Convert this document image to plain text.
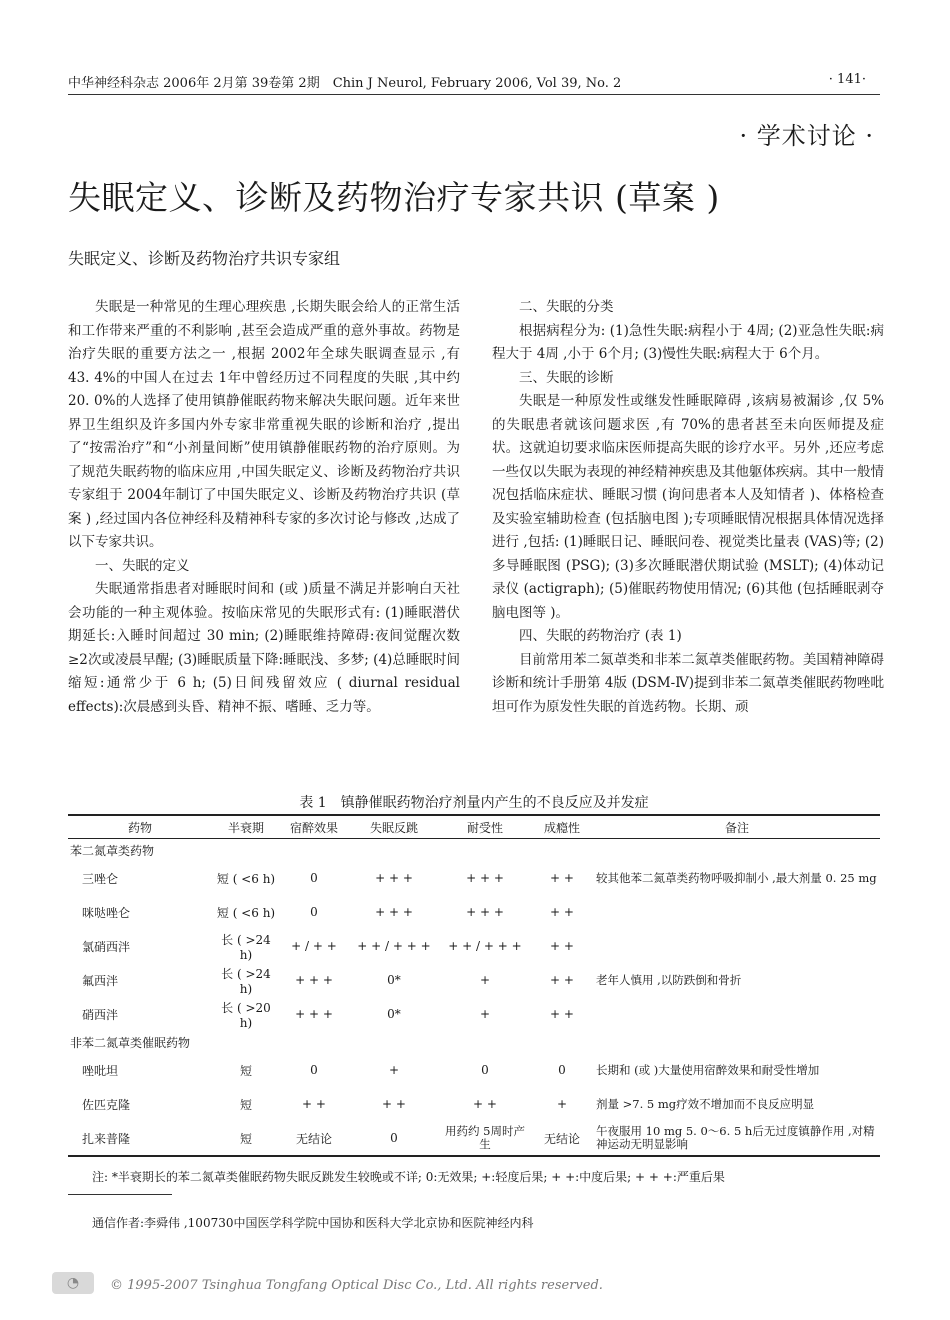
中华神经科杂志 2006年 2月第 39卷第 2期　Chin J Neurol, February 2006, Vol 39, No. 2	· 141·
· 学术讨论 ·
失眠定义、诊断及药物治疗专家共识 (草案 )
失眠定义、诊断及药物治疗共识专家组

失眠是一种常见的生理心理疾患 ,长期失眠会给人的正常生活和工作带来严重的不利影响 ,甚至会造成严重的意外事故。药物是治疗失眠的重要方法之一 ,根据 2002年全球失眠调查显示 ,有 43. 4%的中国人在过去 1年中曾经历过不同程度的失眠 ,其中约 20. 0%的人选择了使用镇静催眠药物来解决失眠问题。近年来世界卫生组织及许多国内外专家非常重视失眠的诊断和治疗 ,提出了“按需治疗”和“小剂量间断”使用镇静催眠药物的治疗原则。为了规范失眠药物的临床应用 ,中国失眠定义、诊断及药物治疗共识专家组于 2004年制订了中国失眠定义、诊断及药物治疗共识 (草案 ) ,经过国内各位神经科及精神科专家的多次讨论与修改 ,达成了以下专家共识。

一、失眠的定义

失眠通常指患者对睡眠时间和 (或 )质量不满足并影响白天社会功能的一种主观体验。按临床常见的失眠形式有: (1)睡眠潜伏期延长:入睡时间超过 30 min; (2)睡眠维持障碍:夜间觉醒次数 ≥2次或凌晨早醒; (3)睡眠质量下降:睡眠浅、多梦; (4)总睡眠时间缩短:通常少于 6 h; (5)日间残留效应 ( diurnal residual effects):次晨感到头昏、精神不振、嗜睡、乏力等。

二、失眠的分类

根据病程分为: (1)急性失眠:病程小于 4周; (2)亚急性失眠:病程大于 4周 ,小于 6个月; (3)慢性失眠:病程大于 6个月。

三、失眠的诊断

失眠是一种原发性或继发性睡眠障碍 ,该病易被漏诊 ,仅 5%的失眠患者就该问题求医 ,有 70%的患者甚至未向医师提及症状。这就迫切要求临床医师提高失眠的诊疗水平。另外 ,还应考虑一些仅以失眠为表现的神经精神疾患及其他躯体疾病。其中一般情况包括临床症状、睡眠习惯 (询问患者本人及知情者 )、体格检查及实验室辅助检查 (包括脑电图 );专项睡眠情况根据具体情况选择进行 ,包括: (1)睡眠日记、睡眠问卷、视觉类比量表 (VAS)等; (2)多导睡眠图 (PSG); (3)多次睡眠潜伏期试验 (MSLT); (4)体动记录仪 (actigraph); (5)催眠药物使用情况; (6)其他 (包括睡眠剥夺脑电图等 )。

四、失眠的药物治疗 (表 1)

目前常用苯二氮䓬类和非苯二氮䓬类催眠药物。美国精神障碍诊断和统计手册第 4版 (DSM-Ⅳ)提到非苯二氮䓬类催眠药物唑吡坦可作为原发性失眠的首选药物。长期、顽

表 1　镇静催眠药物治疗剂量内产生的不良反应及并发症
药物	半衰期	宿醉效果	失眠反跳	耐受性	成瘾性	备注
苯二氮䓬类药物						
三唑仑	短 ( <6 h)	0	+ + +	+ + +	+ +	较其他苯二氮䓬类药物呼吸抑制小 ,最大剂量 0. 25 mg
咪哒唑仑	短 ( <6 h)	0	+ + +	+ + +	+ +	
氯硝西泮	长 ( >24 h)	+ / + +	+ + / + + +	+ + / + + +	+ +	
氟西泮	长 ( >24 h)	+ + +	0*	+	+ +	老年人慎用 ,以防跌倒和骨折
硝西泮	长 ( >20 h)	+ + +	0*	+	+ +	
非苯二氮䓬类催眠药物						
唑吡坦	短	0	+	0	0	长期和 (或 )大量使用宿醉效果和耐受性增加
佐匹克隆	短	+ +	+ +	+ +	+	剂量 >7. 5 mg疗效不增加而不良反应明显
扎来普隆	短	无结论	0	用药约 5周时产生	无结论	午夜服用 10 mg 5. 0～6. 5 h后无过度镇静作用 ,对精神运动无明显影响
注: *半衰期长的苯二氮䓬类催眠药物失眠反跳发生较晚或不详; 0:无效果; +:轻度后果; + +:中度后果; + + +:严重后果
通信作者:李舜伟 ,100730中国医学科学院中国协和医科大学北京协和医院神经内科
◔	© 1995-2007 Tsinghua Tongfang Optical Disc Co., Ltd. All rights reserved.
